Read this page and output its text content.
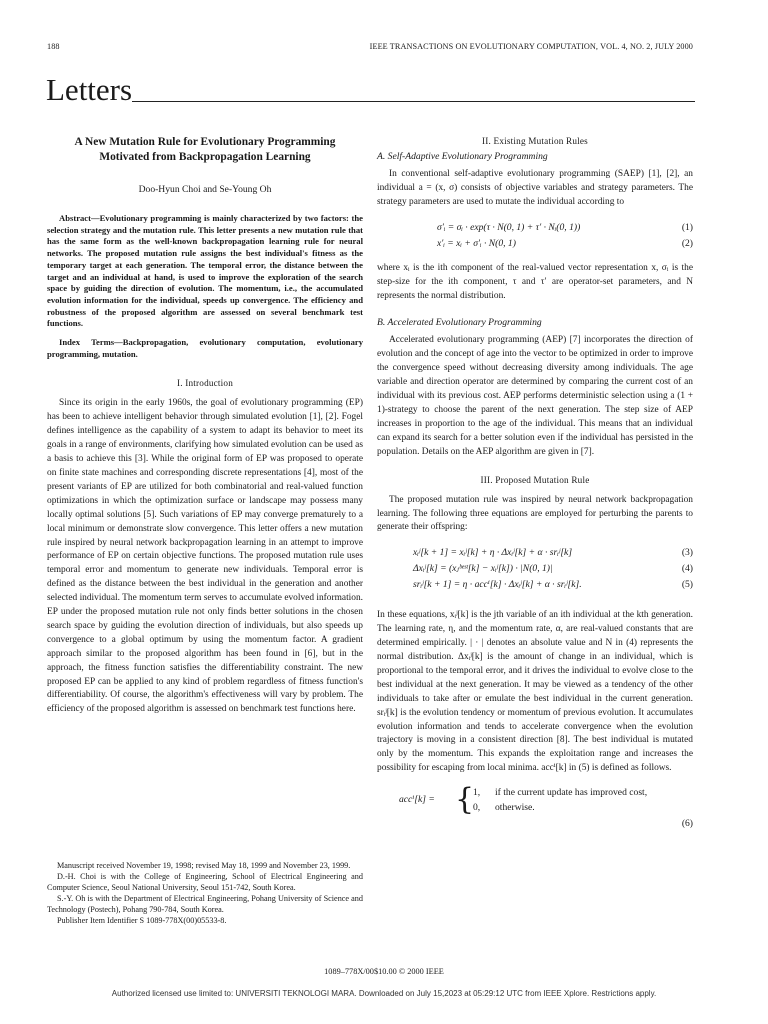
188	IEEE TRANSACTIONS ON EVOLUTIONARY COMPUTATION, VOL. 4, NO. 2, JULY 2000
Letters
A New Mutation Rule for Evolutionary Programming
Motivated from Backpropagation Learning
Doo-Hyun Choi and Se-Young Oh
Abstract—Evolutionary programming is mainly characterized by two factors: the selection strategy and the mutation rule. This letter presents a new mutation rule that has the same form as the well-known backpropagation learning rule for neural networks. The proposed mutation rule assigns the best individual's fitness as the temporary target at each generation. The temporal error, the distance between the target and an individual at hand, is used to improve the exploration of the search space by guiding the direction of evolution. The momentum, i.e., the accumulated evolution information for the individual, speeds up convergence. The efficiency and robustness of the proposed algorithm are assessed on several benchmark test functions.
Index Terms—Backpropagation, evolutionary computation, evolutionary programming, mutation.
I. Introduction

Since its origin in the early 1960s, the goal of evolutionary programming (EP) has been to achieve intelligent behavior through simulated evolution [1], [2]. Fogel defines intelligence as the capability of a system to adapt its behavior to meet its goals in a range of environments, clarifying how simulated evolution can be used as a basis to achieve this [3]. While the original form of EP was proposed to operate on finite state machines and corresponding discrete representations [4], most of the present variants of EP are utilized for both combinatorial and real-valued function optimizations in which the optimization surface or landscape may possess many locally optimal solutions [5]. Such variations of EP may converge prematurely to a local minimum or demonstrate slow convergence. This letter offers a new mutation rule inspired by neural network backpropagation learning in an attempt to improve performance of EP on certain objective functions. The proposed mutation rule uses temporal error and momentum to generate new individuals. Temporal error is defined as the distance between the best individual in the generation and another selected individual. The momentum term serves to accumulate evolved information. EP under the proposed mutation rule not only finds better solutions in the chosen search space by guiding the evolution direction of individuals, but also speeds up convergence to a global optimum by using the momentum factor. A gradient approach similar to the proposed algorithm has been found in [6], but in the approach, the fitness function satisfies the differentiability constraint. The new proposed EP can be applied to any kind of problem regardless of fitness function's differentiability. Of course, the algorithm's effectiveness will vary by problem. The efficiency of the proposed algorithm is assessed on benchmark test functions here.

Manuscript received November 19, 1998; revised May 18, 1999 and November 23, 1999.

D.-H. Choi is with the College of Engineering, School of Electrical Engineering and Computer Science, Seoul National University, Seoul 151-742, South Korea.

S.-Y. Oh is with the Department of Electrical Engineering, Pohang University of Science and Technology (Postech), Pohang 790-784, South Korea.

Publisher Item Identifier S 1089-778X(00)05533-8.

II. Existing Mutation Rules
A. Self-Adaptive Evolutionary Programming

In conventional self-adaptive evolutionary programming (SAEP) [1], [2], an individual a = (x, σ) consists of objective variables and strategy parameters. The strategy parameters are used to mutate the individual according to

σ′ᵢ = σᵢ · exp(τ · N(0, 1) + τ′ · Nᵢ(0, 1))	(1)
x′ᵢ = xᵢ + σ′ᵢ · N(0, 1)	(2)

where xᵢ is the ith component of the real-valued vector representation x, σᵢ is the step-size for the ith component, τ and τ′ are operator-set parameters, and N represents the normal distribution.

B. Accelerated Evolutionary Programming

Accelerated evolutionary programming (AEP) [7] incorporates the direction of evolution and the concept of age into the vector to be optimized in order to improve the convergence speed without decreasing diversity among individuals. The age variable and direction operator are determined by comparing the current cost of an individual with its previous cost. AEP performs deterministic selection using a (1 + 1)-strategy to choose the parent of the next generation. The step size of AEP increases in proportion to the age of the individual. This means that an individual can expand its search for a better solution even if the individual has persisted in the population. Details on the AEP algorithm are given in [7].

III. Proposed Mutation Rule

The proposed mutation rule was inspired by neural network backpropagation learning. The following three equations are employed for perturbing the parents to generate their offspring:

xᵢʲ[k + 1] = xᵢʲ[k] + η · Δxᵢʲ[k] + α · srᵢʲ[k]	(3)
Δxᵢʲ[k] = (xⱼᵇᵉˢᵗ[k] − xᵢʲ[k]) · |N(0, 1)|	(4)
srᵢʲ[k + 1] = η · accⁱ[k] · Δxᵢʲ[k] + α · srᵢʲ[k].	(5)

In these equations, xᵢʲ[k] is the jth variable of an ith individual at the kth generation. The learning rate, η, and the momentum rate, α, are real-valued constants that are determined empirically. | · | denotes an absolute value and N in (4) represents the normal distribution. Δxᵢʲ[k] is the amount of change in an individual, which is proportional to the temporal error, and it drives the individual to evolve close to the best individual at the next generation. It may be viewed as a tendency of the other individuals to take after or emulate the best individual in the current generation. srᵢʲ[k] is the evolution tendency or momentum of previous evolution. It accumulates evolution information and tends to accelerate convergence when the evolution trajectory is moving in a consistent direction [8]. The best individual is mutated only by the momentum. This expands the exploitation range and increases the possibility for escaping from local minima. accⁱ[k] in (5) is defined as follows.

accⁱ[k] = {
1, if the current update has improved cost,
0, otherwise.
(6)
1089–778X/00$10.00 © 2000 IEEE
Authorized licensed use limited to: UNIVERSITI TEKNOLOGI MARA. Downloaded on July 15,2023 at 05:29:12 UTC from IEEE Xplore. Restrictions apply.
